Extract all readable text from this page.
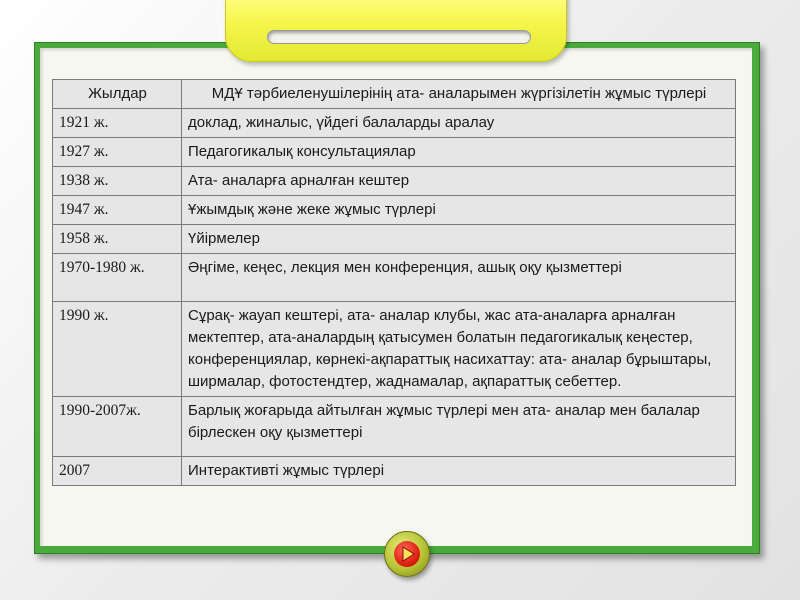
Жылдар	МДҰ тәрбиеленушілерінің ата- аналарымен жүргізілетін жұмыс түрлері
1921 ж.	доклад, жиналыс, үйдегі балаларды аралау
1927 ж.	Педагогикалық консультациялар
1938 ж.	Ата- аналарға арналған кештер
1947 ж.	Ұжымдық және жеке жұмыс түрлері
1958 ж.	Үйірмелер
1970-1980 ж.	Әңгіме, кеңес, лекция мен конференция, ашық оқу қызметтері
1990 ж.	Сұрақ- жауап кештері, ата- аналар клубы, жас ата-аналарға арналған мектептер, ата-аналардың қатысумен болатын педагогикалық кеңестер, конференциялар, көрнекі-ақпараттық насихаттау: ата- аналар бұрыштары, ширмалар, фотостендтер, жаднамалар, ақпараттық себеттер.
1990-2007ж.	Барлық жоғарыда айтылған жұмыс түрлері мен ата- аналар мен балалар бірлескен оқу қызметтері
2007	Интерактивті жұмыс түрлері
